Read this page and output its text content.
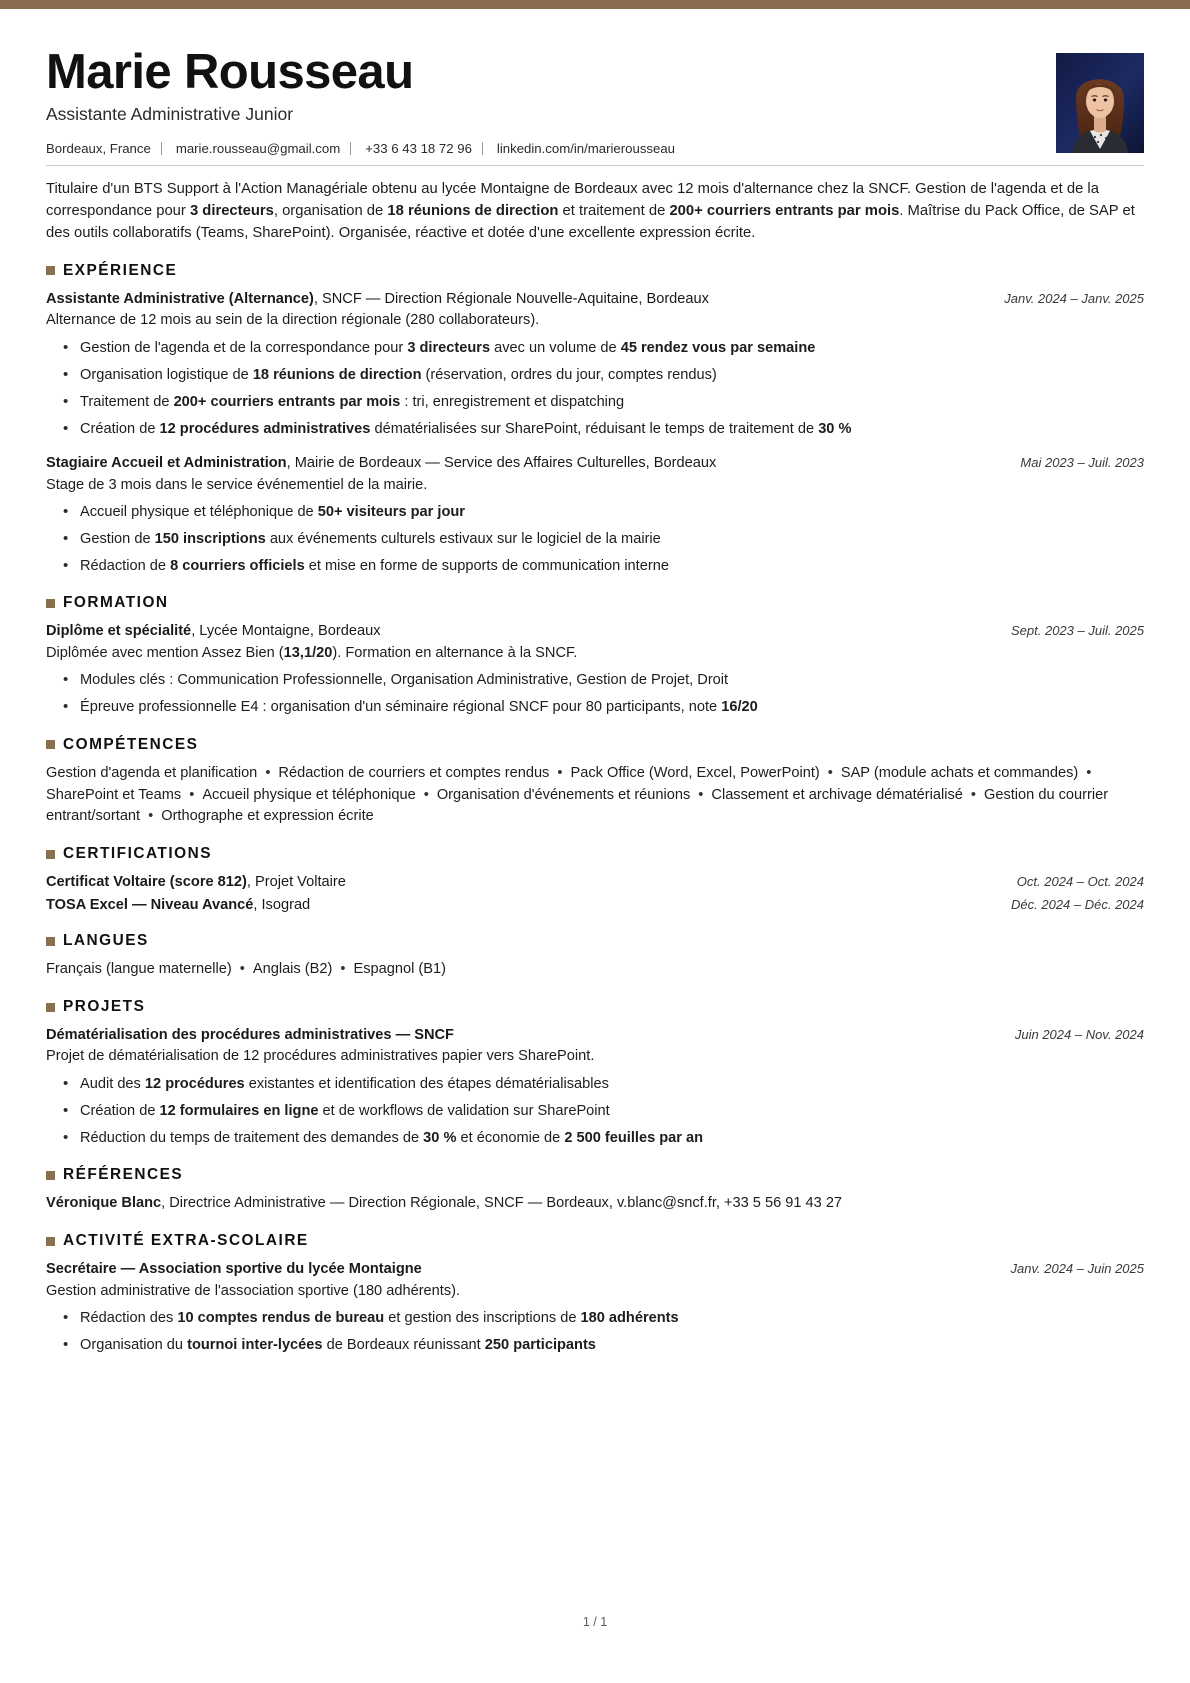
Marie Rousseau
Assistante Administrative Junior
Bordeaux, France marie.rousseau@gmail.com +33 6 43 18 72 96 linkedin.com/in/marierousseau
Titulaire d'un BTS Support à l'Action Managériale obtenu au lycée Montaigne de Bordeaux avec 12 mois d'alternance chez la SNCF. Gestion de l'agenda et de la correspondance pour 3 directeurs, organisation de 18 réunions de direction et traitement de 200+ courriers entrants par mois. Maîtrise du Pack Office, de SAP et des outils collaboratifs (Teams, SharePoint). Organisée, réactive et dotée d'une excellente expression écrite.
EXPÉRIENCE
Assistante Administrative (Alternance), SNCF — Direction Régionale Nouvelle-Aquitaine, Bordeaux	Janv. 2024 – Janv. 2025
Alternance de 12 mois au sein de la direction régionale (280 collaborateurs).
• Gestion de l'agenda et de la correspondance pour 3 directeurs avec un volume de 45 rendez vous par semaine
• Organisation logistique de 18 réunions de direction (réservation, ordres du jour, comptes rendus)
• Traitement de 200+ courriers entrants par mois : tri, enregistrement et dispatching
• Création de 12 procédures administratives dématérialisées sur SharePoint, réduisant le temps de traitement de 30 %
Stagiaire Accueil et Administration, Mairie de Bordeaux — Service des Affaires Culturelles, Bordeaux	Mai 2023 – Juil. 2023
Stage de 3 mois dans le service événementiel de la mairie.
• Accueil physique et téléphonique de 50+ visiteurs par jour
• Gestion de 150 inscriptions aux événements culturels estivaux sur le logiciel de la mairie
• Rédaction de 8 courriers officiels et mise en forme de supports de communication interne
FORMATION
Diplôme et spécialité, Lycée Montaigne, Bordeaux	Sept. 2023 – Juil. 2025
Diplômée avec mention Assez Bien (13,1/20). Formation en alternance à la SNCF.
• Modules clés : Communication Professionnelle, Organisation Administrative, Gestion de Projet, Droit
• Épreuve professionnelle E4 : organisation d'un séminaire régional SNCF pour 80 participants, note 16/20
COMPÉTENCES
Gestion d'agenda et planification • Rédaction de courriers et comptes rendus • Pack Office (Word, Excel, PowerPoint) • SAP (module achats et commandes) •SharePoint et Teams • Accueil physique et téléphonique • Organisation d'événements et réunions • Classement et archivage dématérialisé • Gestion du courrier entrant/sortant • Orthographe et expression écrite
CERTIFICATIONS
Certificat Voltaire (score 812), Projet Voltaire	Oct. 2024 – Oct. 2024
TOSA Excel — Niveau Avancé, Isograd	Déc. 2024 – Déc. 2024
LANGUES
Français (langue maternelle) • Anglais (B2) • Espagnol (B1)
PROJETS
Dématérialisation des procédures administratives — SNCF	Juin 2024 – Nov. 2024
Projet de dématérialisation de 12 procédures administratives papier vers SharePoint.
• Audit des 12 procédures existantes et identification des étapes dématérialisables
• Création de 12 formulaires en ligne et de workflows de validation sur SharePoint
• Réduction du temps de traitement des demandes de 30 % et économie de 2 500 feuilles par an
RÉFÉRENCES
Véronique Blanc, Directrice Administrative — Direction Régionale, SNCF — Bordeaux, v.blanc@sncf.fr, +33 5 56 91 43 27
ACTIVITÉ EXTRA-SCOLAIRE
Secrétaire — Association sportive du lycée Montaigne	Janv. 2024 – Juin 2025
Gestion administrative de l'association sportive (180 adhérents).
• Rédaction des 10 comptes rendus de bureau et gestion des inscriptions de 180 adhérents
• Organisation du tournoi inter-lycées de Bordeaux réunissant 250 participants
1 / 1
